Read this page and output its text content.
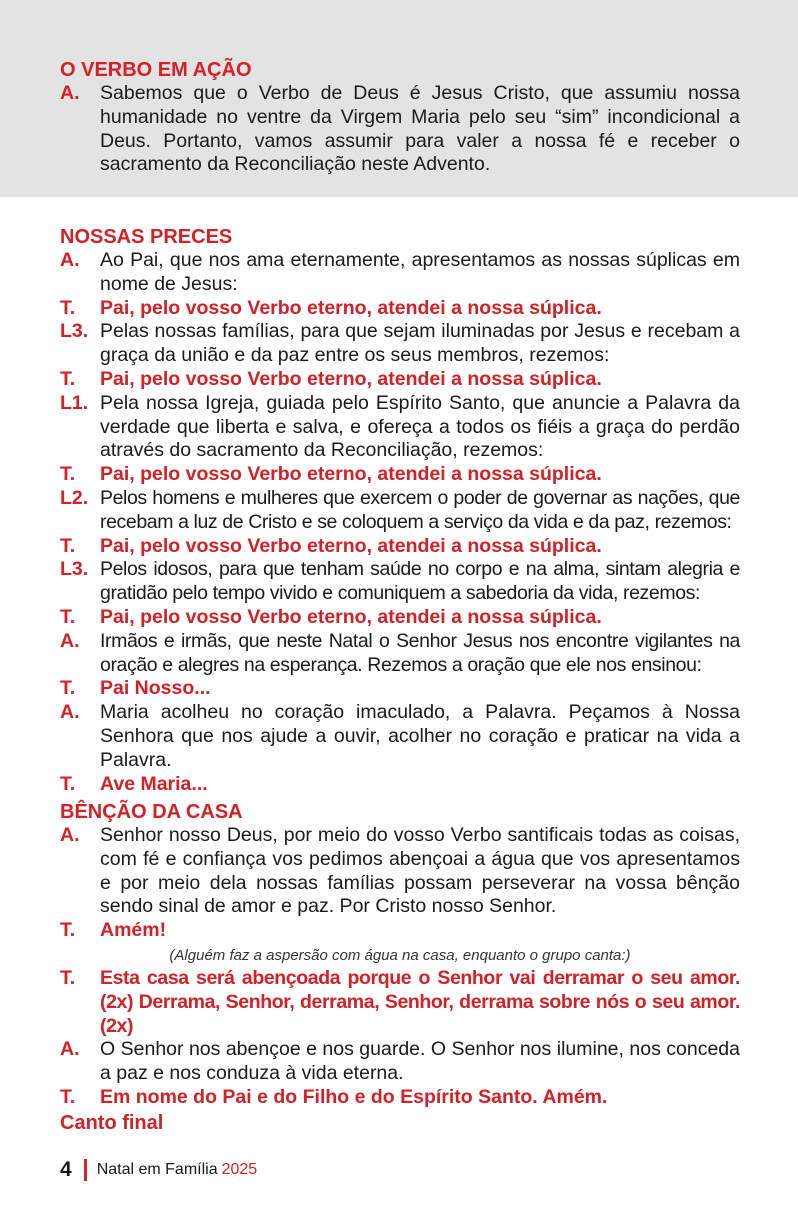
O VERBO EM AÇÃO
A. Sabemos que o Verbo de Deus é Jesus Cristo, que assumiu nossa humanidade no ventre da Virgem Maria pelo seu “sim” incondicional a Deus. Portanto, vamos assumir para valer a nossa fé e receber o sacramento da Reconciliação neste Advento.
NOSSAS PRECES
A. Ao Pai, que nos ama eternamente, apresentamos as nossas súplicas em nome de Jesus:
T. Pai, pelo vosso Verbo eterno, atendei a nossa súplica.
L3. Pelas nossas famílias, para que sejam iluminadas por Jesus e recebam a graça da união e da paz entre os seus membros, rezemos:
T. Pai, pelo vosso Verbo eterno, atendei a nossa súplica.
L1. Pela nossa Igreja, guiada pelo Espírito Santo, que anuncie a Palavra da verdade que liberta e salva, e ofereça a todos os fiéis a graça do perdão através do sacramento da Reconciliação, rezemos:
T. Pai, pelo vosso Verbo eterno, atendei a nossa súplica.
L2. Pelos homens e mulheres que exercem o poder de governar as nações, que recebam a luz de Cristo e se coloquem a serviço da vida e da paz, rezemos:
T. Pai, pelo vosso Verbo eterno, atendei a nossa súplica.
L3. Pelos idosos, para que tenham saúde no corpo e na alma, sintam alegria e gratidão pelo tempo vivido e comuniquem a sabedoria da vida, rezemos:
T. Pai, pelo vosso Verbo eterno, atendei a nossa súplica.
A. Irmãos e irmãs, que neste Natal o Senhor Jesus nos encontre vigilantes na oração e alegres na esperança. Rezemos a oração que ele nos ensinou:
T. Pai Nosso...
A. Maria acolheu no coração imaculado, a Palavra. Peçamos à Nossa Senhora que nos ajude a ouvir, acolher no coração e praticar na vida a Palavra.
T. Ave Maria...
BÊNÇÃO DA CASA
A. Senhor nosso Deus, por meio do vosso Verbo santificais todas as coisas, com fé e confiança vos pedimos abençoai a água que vos apresentamos e por meio dela nossas famílias possam perseverar na vossa bênção sendo sinal de amor e paz. Por Cristo nosso Senhor.
T. Amém!
(Alguém faz a aspersão com água na casa, enquanto o grupo canta:)
T. Esta casa será abençoada porque o Senhor vai derramar o seu amor. (2x) Derrama, Senhor, derrama, Senhor, derrama sobre nós o seu amor. (2x)
A. O Senhor nos abençoe e nos guarde. O Senhor nos ilumine, nos conceda a paz e nos conduza à vida eterna.
T. Em nome do Pai e do Filho e do Espírito Santo. Amém.
Canto final
4 Natal em Família 2025
